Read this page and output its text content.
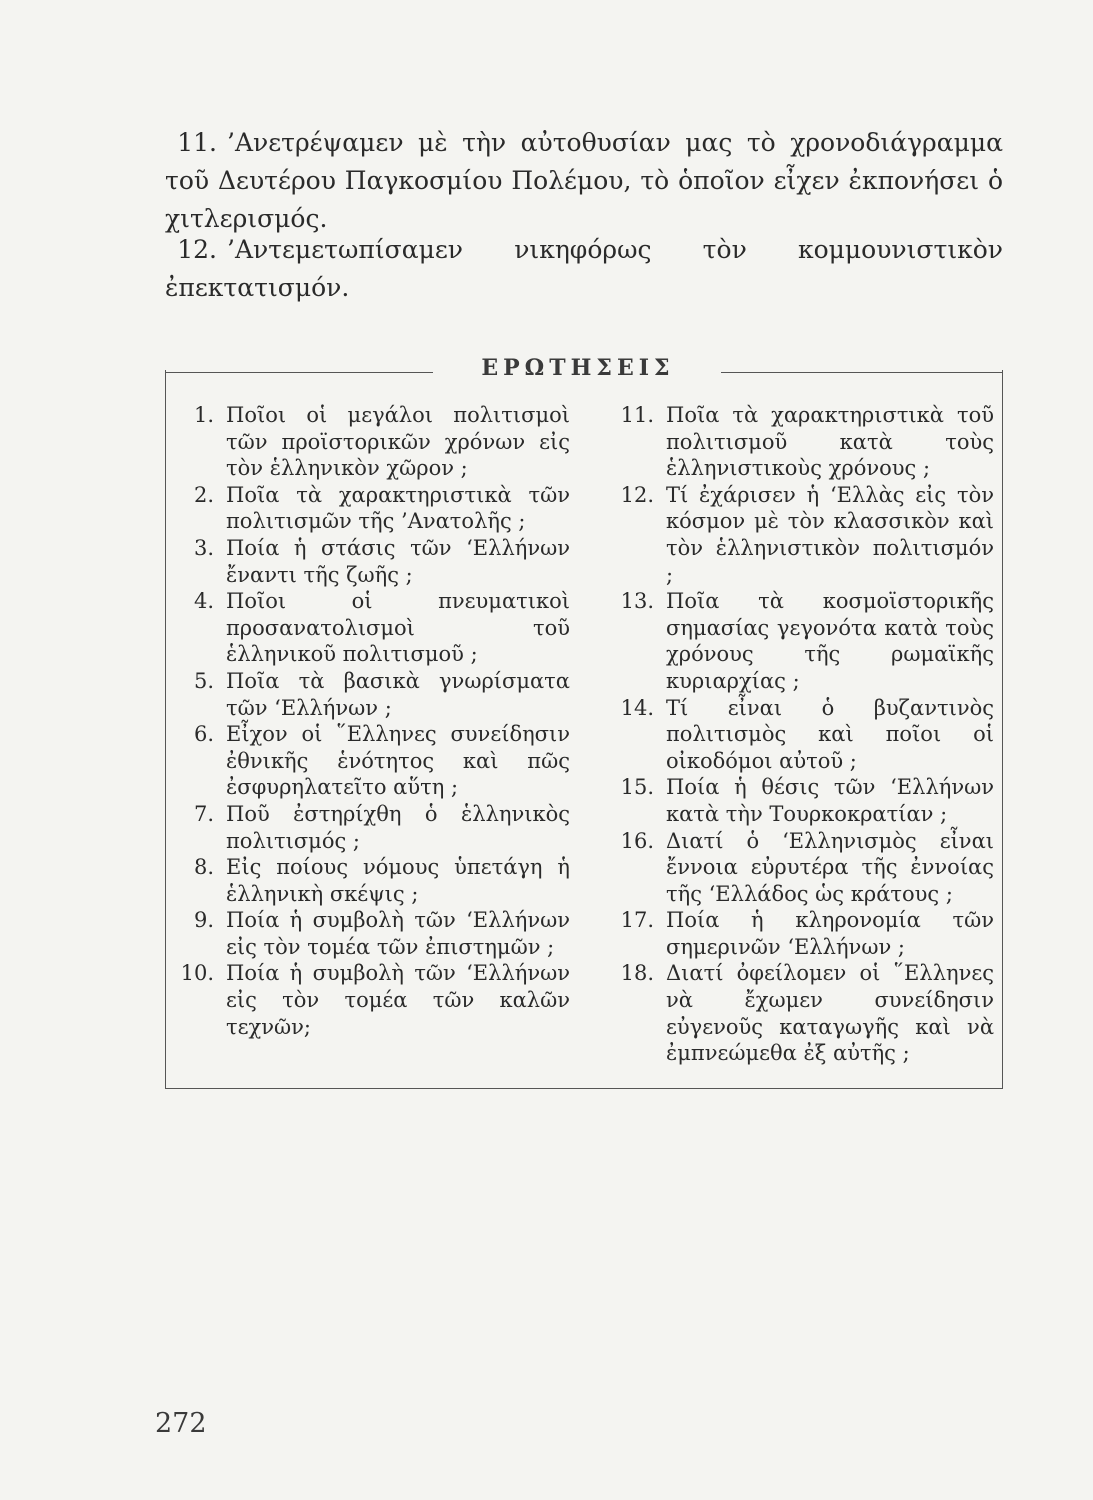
11. ’Ανετρέψαμεν μὲ τὴν αὐτοθυσίαν μας τὸ χρονοδιάγραμμα τοῦ Δευτέρου Παγκοσμίου Πολέμου, τὸ ὁποῖον εἶχεν ἐκπονήσει ὁ χιτλερισμός.

12. ’Αντεμετωπίσαμεν νικηφόρως τὸν κομμουνιστικὸν ἐπεκτατισμόν.

ΕΡΩΤΗΣΕΙΣ
1. Ποῖοι οἱ μεγάλοι πολιτισμοὶ τῶν προϊστορικῶν χρόνων εἰς τὸν ἑλληνικὸν χῶρον ;
2. Ποῖα τὰ χαρακτηριστικὰ τῶν πολιτισμῶν τῆς ’Ανατολῆς ;
3. Ποία ἡ στάσις τῶν ‘Ελλήνων ἔναντι τῆς ζωῆς ;
4. Ποῖοι οἱ πνευματικοὶ προσανατολισμοὶ τοῦ ἑλληνικοῦ πολιτισμοῦ ;
5. Ποῖα τὰ βασικὰ γνωρίσματα τῶν ‘Ελλήνων ;
6. Εἶχον οἱ ῞Ελληνες συνείδησιν ἐθνικῆς ἑνότητος καὶ πῶς ἐσφυρηλατεῖτο αὕτη ;
7. Ποῦ ἐστηρίχθη ὁ ἑλληνικὸς πολιτισμός ;
8. Εἰς ποίους νόμους ὑπετάγη ἡ ἑλληνικὴ σκέψις ;
9. Ποία ἡ συμβολὴ τῶν ‘Ελλήνων εἰς τὸν τομέα τῶν ἐπιστημῶν ;
10. Ποία ἡ συμβολὴ τῶν ‘Ελλήνων εἰς τὸν τομέα τῶν καλῶν τεχνῶν;
11. Ποῖα τὰ χαρακτηριστικὰ τοῦ πολιτισμοῦ κατὰ τοὺς ἑλληνιστικοὺς χρόνους ;
12. Τί ἐχάρισεν ἡ ‘Ελλὰς εἰς τὸν κόσμον μὲ τὸν κλασσικὸν καὶ τὸν ἑλληνιστικὸν πολιτισμόν ;
13. Ποῖα τὰ κοσμοϊστορικῆς σημασίας γεγονότα κατὰ τοὺς χρόνους τῆς ρωμαϊκῆς κυριαρχίας ;
14. Τί εἶναι ὁ βυζαντινὸς πολιτισμὸς καὶ ποῖοι οἱ οἰκοδόμοι αὐτοῦ ;
15. Ποία ἡ θέσις τῶν ‘Ελλήνων κατὰ τὴν Τουρκοκρατίαν ;
16. Διατί ὁ ‘Ελληνισμὸς εἶναι ἔννοια εὐρυτέρα τῆς ἐννοίας τῆς ‘Ελλάδος ὡς κράτους ;
17. Ποία ἡ κληρονομία τῶν σημερινῶν ‘Ελλήνων ;
18. Διατί ὀφείλομεν οἱ ῞Ελληνες νὰ ἔχωμεν συνείδησιν εὐγενοῦς καταγωγῆς καὶ νὰ ἐμπνεώμεθα ἐξ αὐτῆς ;
272
